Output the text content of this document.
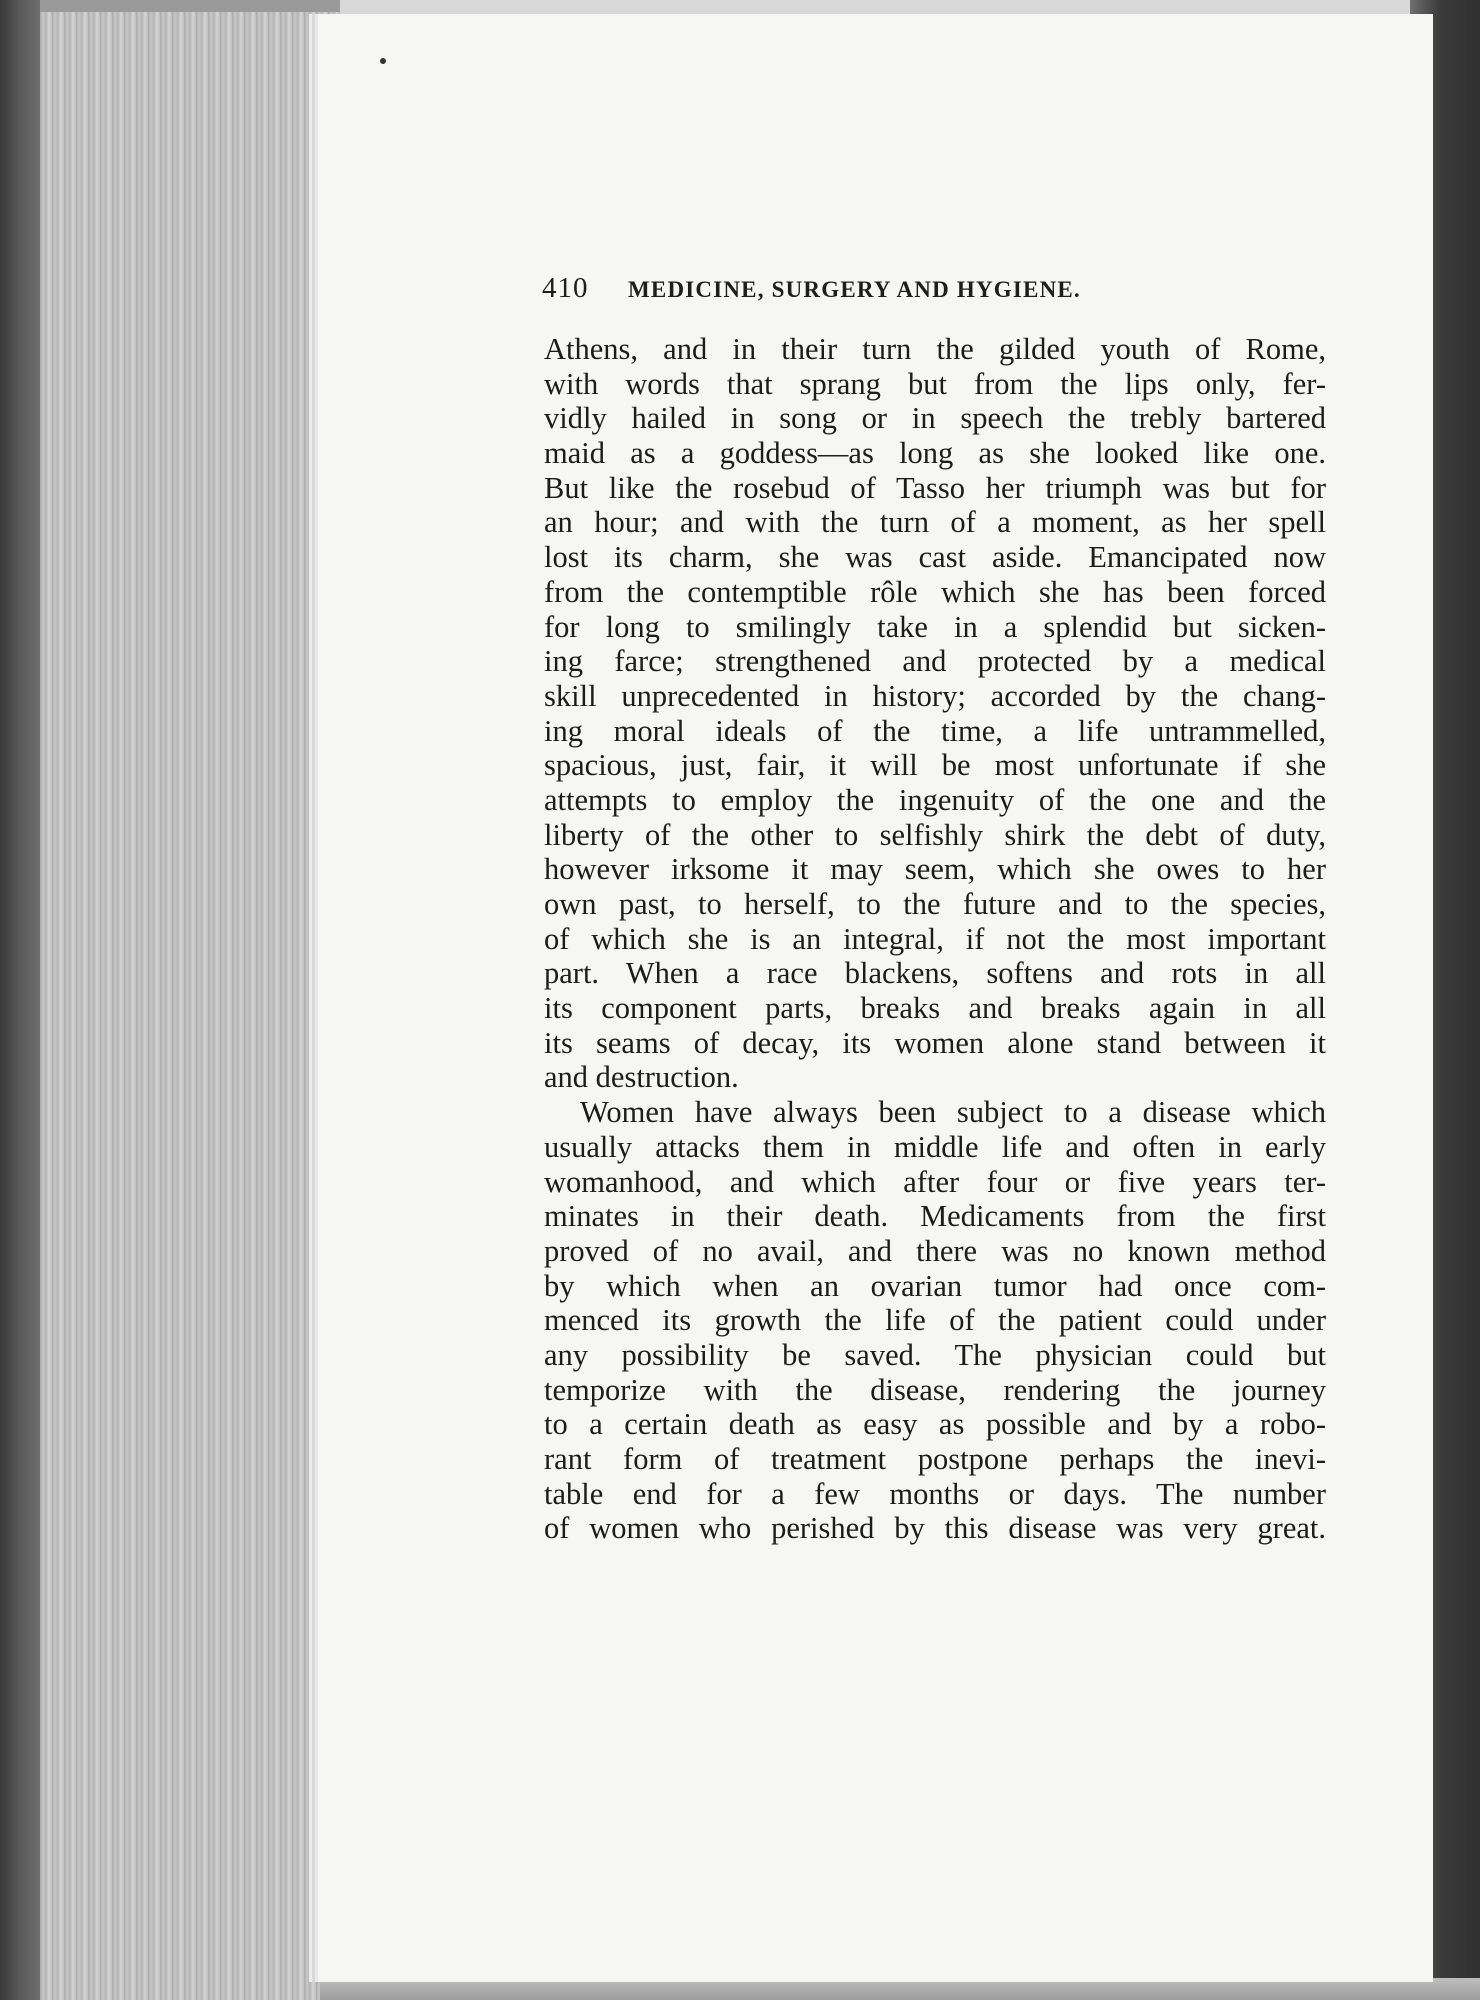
410 MEDICINE, SURGERY AND HYGIENE.
Athens, and in their turn the gilded youth of Rome,
with words that sprang but from the lips only, fer-
vidly hailed in song or in speech the trebly bartered
maid as a goddess—as long as she looked like one.
But like the rosebud of Tasso her triumph was but for
an hour; and with the turn of a moment, as her spell
lost its charm, she was cast aside. Emancipated now
from the contemptible rôle which she has been forced
for long to smilingly take in a splendid but sicken-
ing farce; strengthened and protected by a medical
skill unprecedented in history; accorded by the chang-
ing moral ideals of the time, a life untrammelled,
spacious, just, fair, it will be most unfortunate if she
attempts to employ the ingenuity of the one and the
liberty of the other to selfishly shirk the debt of duty,
however irksome it may seem, which she owes to her
own past, to herself, to the future and to the species,
of which she is an integral, if not the most important
part. When a race blackens, softens and rots in all
its component parts, breaks and breaks again in all
its seams of decay, its women alone stand between it
and destruction.
Women have always been subject to a disease which
usually attacks them in middle life and often in early
womanhood, and which after four or five years ter-
minates in their death. Medicaments from the first
proved of no avail, and there was no known method
by which when an ovarian tumor had once com-
menced its growth the life of the patient could under
any possibility be saved. The physician could but
temporize with the disease, rendering the journey
to a certain death as easy as possible and by a robo-
rant form of treatment postpone perhaps the inevi-
table end for a few months or days. The number
of women who perished by this disease was very great.
